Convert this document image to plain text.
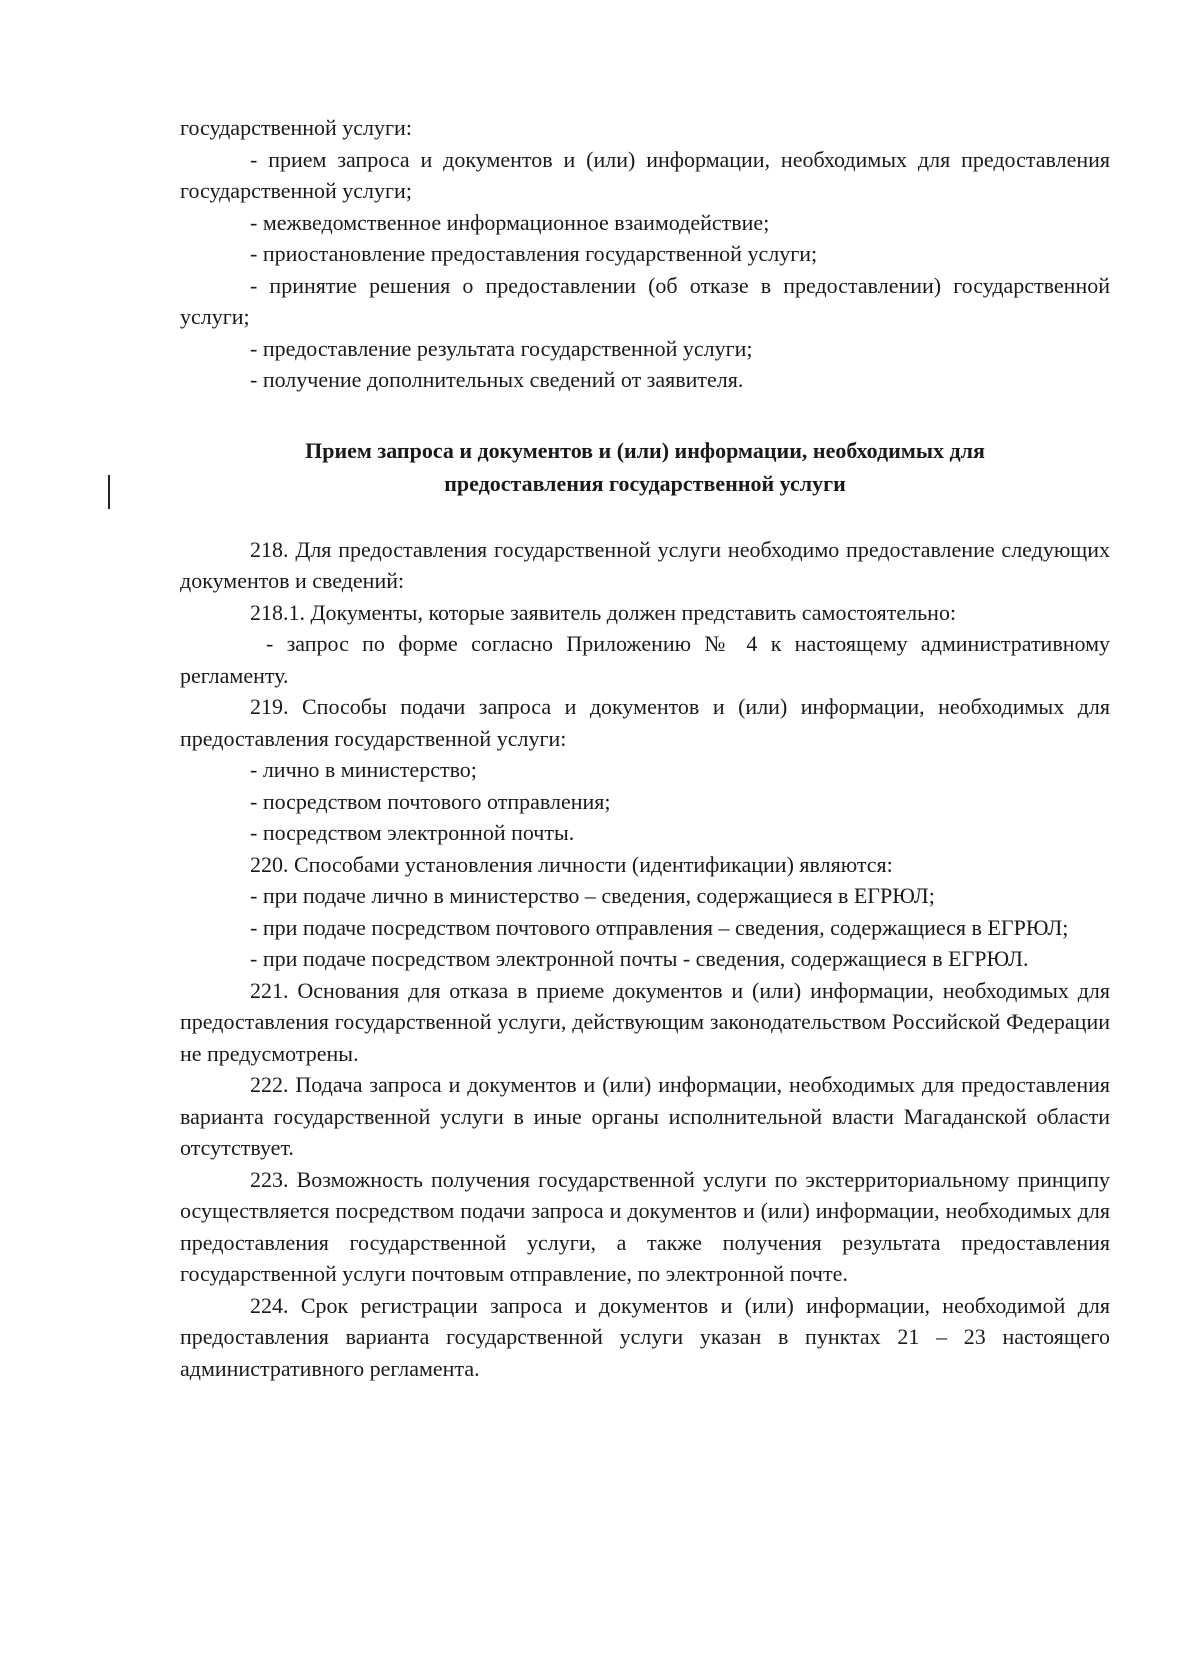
государственной услуги:

- прием запроса и документов и (или) информации, необходимых для предоставления государственной услуги;

- межведомственное информационное взаимодействие;

- приостановление предоставления государственной услуги;

- принятие решения о предоставлении (об отказе в предоставлении) государственной услуги;

- предоставление результата государственной услуги;

- получение дополнительных сведений от заявителя.

Прием запроса и документов и (или) информации, необходимых для
предоставления государственной услуги

218. Для предоставления государственной услуги необходимо предоставление следующих документов и сведений:

218.1. Документы, которые заявитель должен представить самостоятельно:

- запрос по форме согласно Приложению № 4 к настоящему административному регламенту.

219. Способы подачи запроса и документов и (или) информации, необходимых для предоставления государственной услуги:

- лично в министерство;

- посредством почтового отправления;

- посредством электронной почты.

220. Способами установления личности (идентификации) являются:

- при подаче лично в министерство – сведения, содержащиеся в ЕГРЮЛ;

- при подаче посредством почтового отправления – сведения, содержащиеся в ЕГРЮЛ;

- при подаче посредством электронной почты - сведения, содержащиеся в ЕГРЮЛ.

221. Основания для отказа в приеме документов и (или) информации, необходимых для предоставления государственной услуги, действующим законодательством Российской Федерации не предусмотрены.

222. Подача запроса и документов и (или) информации, необходимых для предоставления варианта государственной услуги в иные органы исполнительной власти Магаданской области отсутствует.

223. Возможность получения государственной услуги по экстерриториальному принципу осуществляется посредством подачи запроса и документов и (или) информации, необходимых для предоставления государственной услуги, а также получения результата предоставления государственной услуги почтовым отправление, по электронной почте.

224. Срок регистрации запроса и документов и (или) информации, необходимой для предоставления варианта государственной услуги указан в пунктах 21 – 23 настоящего административного регламента.
